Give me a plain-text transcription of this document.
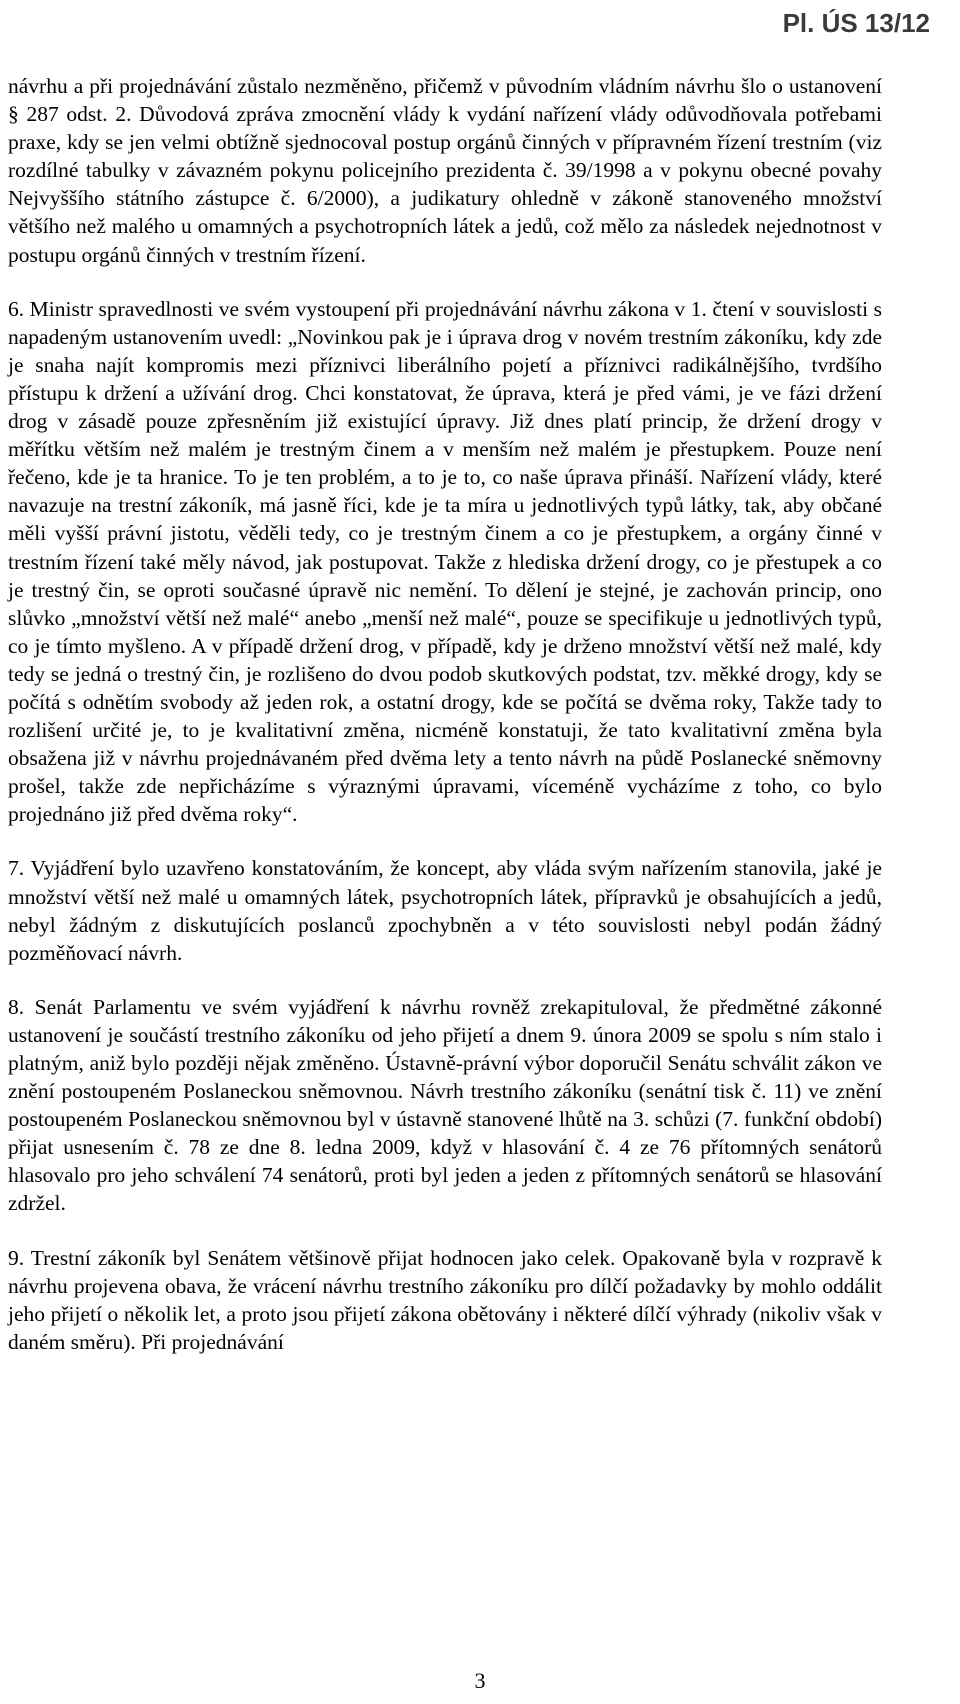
Pl. ÚS 13/12

návrhu a při projednávání zůstalo nezměněno, přičemž v původním vládním návrhu šlo o ustanovení § 287 odst. 2. Důvodová zpráva zmocnění vlády k vydání nařízení vlády odůvodňovala potřebami praxe, kdy se jen velmi obtížně sjednocoval postup orgánů činných v přípravném řízení trestním (viz rozdílné tabulky v závazném pokynu policejního prezidenta č. 39/1998 a v pokynu obecné povahy Nejvyššího státního zástupce č. 6/2000), a judikatury ohledně v zákoně stanoveného množství většího než malého u omamných a psychotropních látek a jedů, což mělo za následek nejednotnost v postupu orgánů činných v trestním řízení.

6. Ministr spravedlnosti ve svém vystoupení při projednávání návrhu zákona v 1. čtení v souvislosti s napadeným ustanovením uvedl: „Novinkou pak je i úprava drog v novém trestním zákoníku, kdy zde je snaha najít kompromis mezi příznivci liberálního pojetí a příznivci radikálnějšího, tvrdšího přístupu k držení a užívání drog. Chci konstatovat, že úprava, která je před vámi, je ve fázi držení drog v zásadě pouze zpřesněním již existující úpravy. Již dnes platí princip, že držení drogy v měřítku větším než malém je trestným činem a v menším než malém je přestupkem. Pouze není řečeno, kde je ta hranice. To je ten problém, a to je to, co naše úprava přináší. Nařízení vlády, které navazuje na trestní zákoník, má jasně říci, kde je ta míra u jednotlivých typů látky, tak, aby občané měli vyšší právní jistotu, věděli tedy, co je trestným činem a co je přestupkem, a orgány činné v trestním řízení také měly návod, jak postupovat. Takže z hlediska držení drogy, co je přestupek a co je trestný čin, se oproti současné úpravě nic nemění. To dělení je stejné, je zachován princip, ono slůvko „množství větší než malé“ anebo „menší než malé“, pouze se specifikuje u jednotlivých typů, co je tímto myšleno. A v případě držení drog, v případě, kdy je drženo množství větší než malé, kdy tedy se jedná o trestný čin, je rozlišeno do dvou podob skutkových podstat, tzv. měkké drogy, kdy se počítá s odnětím svobody až jeden rok, a ostatní drogy, kde se počítá se dvěma roky, Takže tady to rozlišení určité je, to je kvalitativní změna, nicméně konstatuji, že tato kvalitativní změna byla obsažena již v návrhu projednávaném před dvěma lety a tento návrh na půdě Poslanecké sněmovny prošel, takže zde nepřicházíme s výraznými úpravami, víceméně vycházíme z toho, co bylo projednáno již před dvěma roky“.

7. Vyjádření bylo uzavřeno konstatováním, že koncept, aby vláda svým nařízením stanovila, jaké je množství větší než malé u omamných látek, psychotropních látek, přípravků je obsahujících a jedů, nebyl žádným z diskutujících poslanců zpochybněn a v této souvislosti nebyl podán žádný pozměňovací návrh.

8. Senát Parlamentu ve svém vyjádření k návrhu rovněž zrekapituloval, že předmětné zákonné ustanovení je součástí trestního zákoníku od jeho přijetí a dnem 9. února 2009 se spolu s ním stalo i platným, aniž bylo později nějak změněno. Ústavně-právní výbor doporučil Senátu schválit zákon ve znění postoupeném Poslaneckou sněmovnou. Návrh trestního zákoníku (senátní tisk č. 11) ve znění postoupeném Poslaneckou sněmovnou byl v ústavně stanovené lhůtě na 3. schůzi (7. funkční období) přijat usnesením č. 78 ze dne 8. ledna 2009, když v hlasování č. 4 ze 76 přítomných senátorů hlasovalo pro jeho schválení 74 senátorů, proti byl jeden a jeden z přítomných senátorů se hlasování zdržel.

9. Trestní zákoník byl Senátem většinově přijat hodnocen jako celek. Opakovaně byla v rozpravě k návrhu projevena obava, že vrácení návrhu trestního zákoníku pro dílčí požadavky by mohlo oddálit jeho přijetí o několik let, a proto jsou přijetí zákona obětovány i některé dílčí výhrady (nikoliv však v daném směru). Při projednávání

3
